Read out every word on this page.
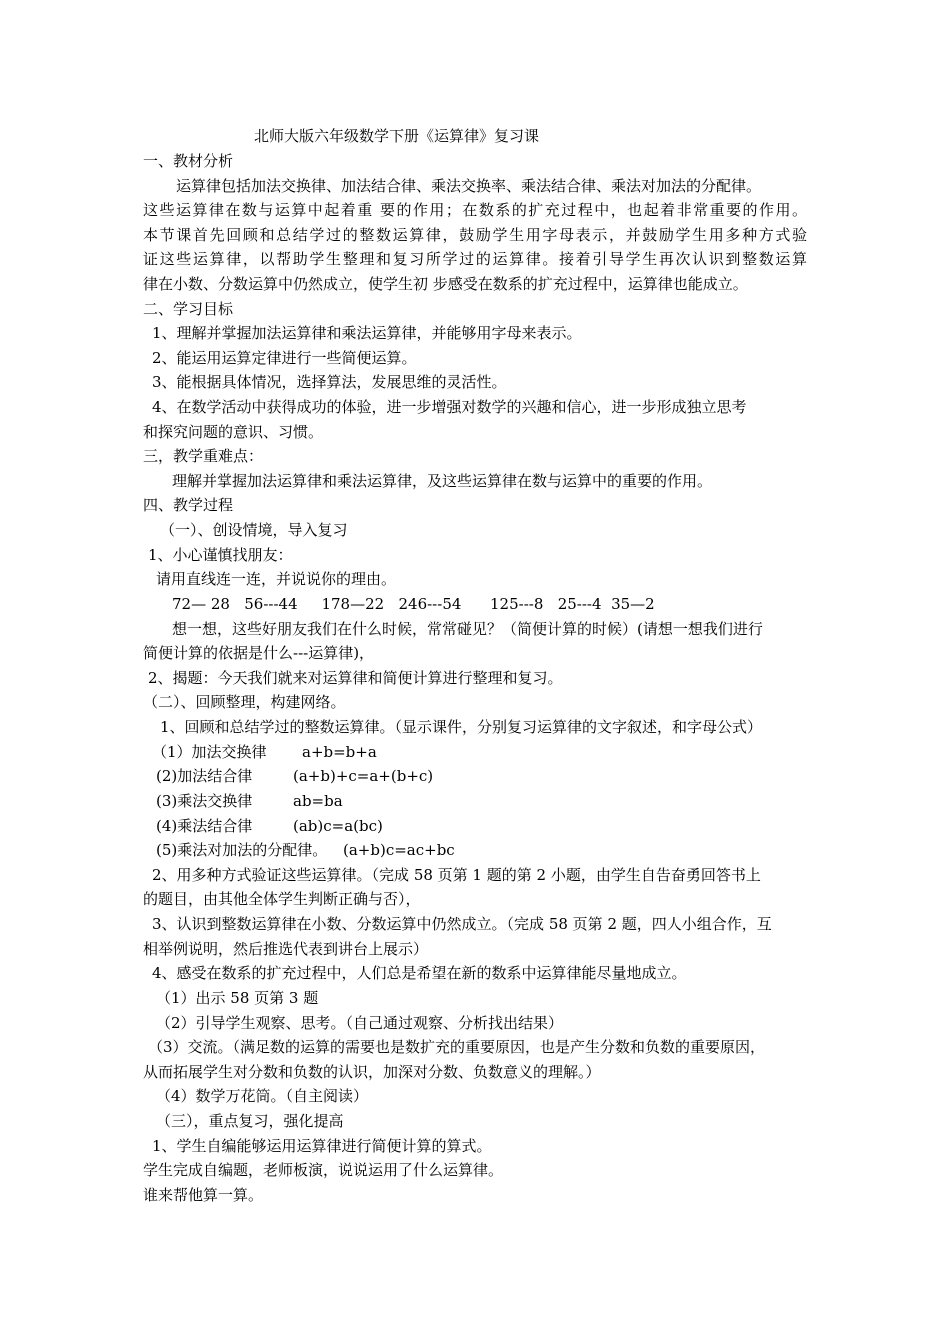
北师大版六年级数学下册《运算律》复习课
一、教材分析
运算律包括加法交换律、加法结合律、乘法交换率、乘法结合律、乘法对加法的分配律。
这些运算律在数与运算中起着重 要的作用；在数系的扩充过程中，也起着非常重要的作用。
本节课首先回顾和总结学过的整数运算律，鼓励学生用字母表示，并鼓励学生用多种方式验
证这些运算律，以帮助学生整理和复习所学过的运算律。接着引导学生再次认识到整数运算
律在小数、分数运算中仍然成立，使学生初 步感受在数系的扩充过程中，运算律也能成立。
二、学习目标
1、理解并掌握加法运算律和乘法运算律，并能够用字母来表示。
2、能运用运算定律进行一些简便运算。
3、能根据具体情况，选择算法，发展思维的灵活性。
4、在数学活动中获得成功的体验，进一步增强对数学的兴趣和信心，进一步形成独立思考
和探究问题的意识、习惯。
三，教学重难点：
理解并掌握加法运算律和乘法运算律，及这些运算律在数与运算中的重要的作用。
四、教学过程
（一）、创设情境，导入复习
1、小心谨慎找朋友：
请用直线连一连，并说说你的理由。
72— 28   56---44     178—22   246---54      125---8   25---4  35—2
想一想，这些好朋友我们在什么时候，常常碰见？（简便计算的时候）(请想一想我们进行
简便计算的依据是什么---运算律)，
2、揭题：今天我们就来对运算律和简便计算进行整理和复习。
（二）、回顾整理，构建网络。
1、回顾和总结学过的整数运算律。（显示课件，分别复习运算律的文字叙述，和字母公式）
（1）加法交换律 a+b=b+a
(2)加法结合律	(a+b)+c=a+(b+c)
(3)乘法交换律	ab=ba
(4)乘法结合律	(ab)c=a(bc)
(5)乘法对加法的分配律。 (a+b)c=ac+bc
2、用多种方式验证这些运算律。（完成 58 页第 1 题的第 2 小题，由学生自告奋勇回答书上
的题目，由其他全体学生判断正确与否），
3、认识到整数运算律在小数、分数运算中仍然成立。（完成 58 页第 2 题，四人小组合作，互
相举例说明，然后推选代表到讲台上展示）
4、感受在数系的扩充过程中，人们总是希望在新的数系中运算律能尽量地成立。
（1）出示 58 页第 3 题
（2）引导学生观察、思考。（自己通过观察、分析找出结果）
（3）交流。（满足数的运算的需要也是数扩充的重要原因，也是产生分数和负数的重要原因，
从而拓展学生对分数和负数的认识，加深对分数、负数意义的理解。）
（4）数学万花筒。（自主阅读）
（三），重点复习，强化提高
1、学生自编能够运用运算律进行简便计算的算式。
学生完成自编题，老师板演，说说运用了什么运算律。
谁来帮他算一算。
